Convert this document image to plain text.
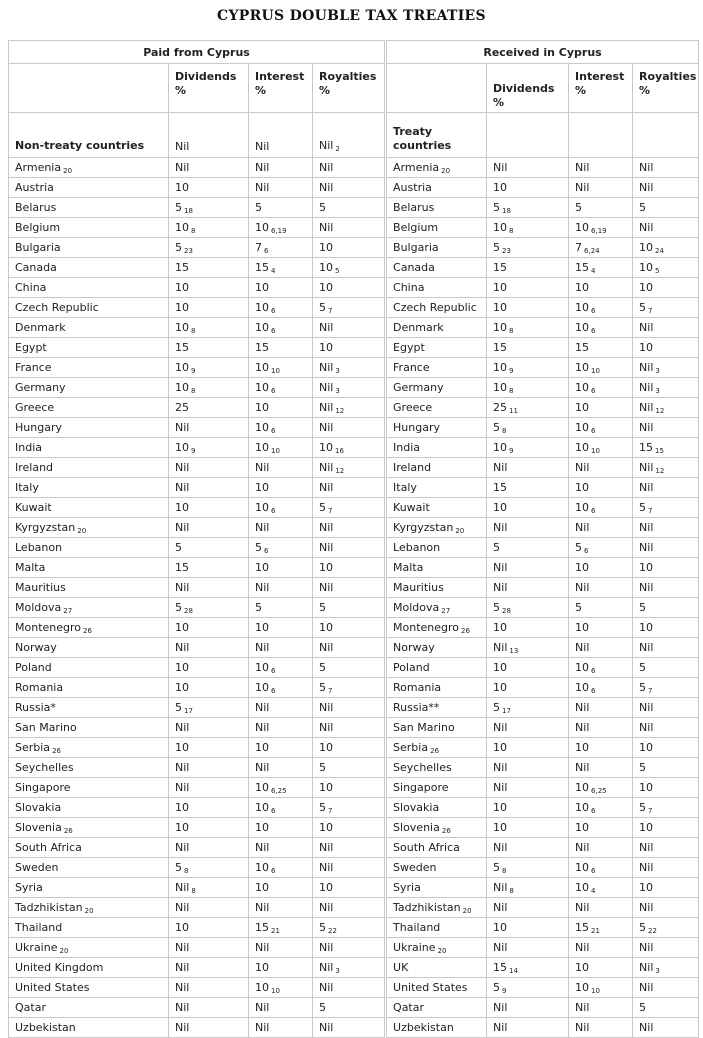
CYPRUS DOUBLE TAX TREATIES
Paid from Cyprus				Received in Cyprus			
	Dividends %	Interest %	Royalties %		Dividends %	Interest %	Royalties %
Non-treaty countries	Nil	Nil	Nil $_2$	Treaty countries			
Armenia $_{20}$	Nil	Nil	Nil	Armenia $_{20}$	Nil	Nil	Nil
Austria	10	Nil	Nil	Austria	10	Nil	Nil
Belarus	5 $_{18}$	5	5	Belarus	5 $_{18}$	5	5
Belgium	10 $_8$	10 $_{6,19}$	Nil	Belgium	10 $_8$	10 $_{6,19}$	Nil
Bulgaria	5 $_{23}$	7 $_6$	10	Bulgaria	5 $_{23}$	7 $_{6,24}$	10 $_{24}$
Canada	15	15 $_4$	10 $_5$	Canada	15	15 $_4$	10 $_5$
China	10	10	10	China	10	10	10
Czech Republic	10	10 $_6$	5 $_7$	Czech Republic	10	10 $_6$	5 $_7$
Denmark	10 $_8$	10 $_6$	Nil	Denmark	10 $_8$	10 $_6$	Nil
Egypt	15	15	10	Egypt	15	15	10
France	10 $_9$	10 $_{10}$	Nil $_3$	France	10 $_9$	10 $_{10}$	Nil $_3$
Germany	10 $_8$	10 $_6$	Nil $_3$	Germany	10 $_8$	10 $_6$	Nil $_3$
Greece	25	10	Nil $_{12}$	Greece	25 $_{11}$	10	Nil $_{12}$
Hungary	Nil	10 $_6$	Nil	Hungary	5 $_8$	10 $_6$	Nil
India	10 $_9$	10 $_{10}$	10 $_{16}$	India	10 $_9$	10 $_{10}$	15 $_{15}$
Ireland	Nil	Nil	Nil $_{12}$	Ireland	Nil	Nil	Nil $_{12}$
Italy	Nil	10	Nil	Italy	15	10	Nil
Kuwait	10	10 $_6$	5 $_7$	Kuwait	10	10 $_6$	5 $_7$
Kyrgyzstan $_{20}$	Nil	Nil	Nil	Kyrgyzstan $_{20}$	Nil	Nil	Nil
Lebanon	5	5 $_6$	Nil	Lebanon	5	5 $_6$	Nil
Malta	15	10	10	Malta	Nil	10	10
Mauritius	Nil	Nil	Nil	Mauritius	Nil	Nil	Nil
Moldova $_{27}$	5 $_{28}$	5	5	Moldova $_{27}$	5 $_{28}$	5	5
Montenegro $_{26}$	10	10	10	Montenegro $_{26}$	10	10	10
Norway	Nil	Nil	Nil	Norway	Nil $_{13}$	Nil	Nil
Poland	10	10 $_6$	5	Poland	10	10 $_6$	5
Romania	10	10 $_6$	5 $_7$	Romania	10	10 $_6$	5 $_7$
Russia*	5 $_{17}$	Nil	Nil	Russia**	5 $_{17}$	Nil	Nil
San Marino	Nil	Nil	Nil	San Marino	Nil	Nil	Nil
Serbia $_{26}$	10	10	10	Serbia $_{26}$	10	10	10
Seychelles	Nil	Nil	5	Seychelles	Nil	Nil	5
Singapore	Nil	10 $_{6,25}$	10	Singapore	Nil	10 $_{6,25}$	10
Slovakia	10	10 $_6$	5 $_7$	Slovakia	10	10 $_6$	5 $_7$
Slovenia $_{26}$	10	10	10	Slovenia $_{26}$	10	10	10
South Africa	Nil	Nil	Nil	South Africa	Nil	Nil	Nil
Sweden	5 $_8$	10 $_6$	Nil	Sweden	5 $_8$	10 $_6$	Nil
Syria	Nil $_8$	10	10	Syria	Nil $_8$	10 $_4$	10
Tadzhikistan $_{20}$	Nil	Nil	Nil	Tadzhikistan $_{20}$	Nil	Nil	Nil
Thailand	10	15 $_{21}$	5 $_{22}$	Thailand	10	15 $_{21}$	5 $_{22}$
Ukraine $_{20}$	Nil	Nil	Nil	Ukraine $_{20}$	Nil	Nil	Nil
United Kingdom	Nil	10	Nil $_3$	UK	15 $_{14}$	10	Nil $_3$
United States	Nil	10 $_{10}$	Nil	United States	5 $_9$	10 $_{10}$	Nil
Qatar	Nil	Nil	5	Qatar	Nil	Nil	5
Uzbekistan	Nil	Nil	Nil	Uzbekistan	Nil	Nil	Nil
